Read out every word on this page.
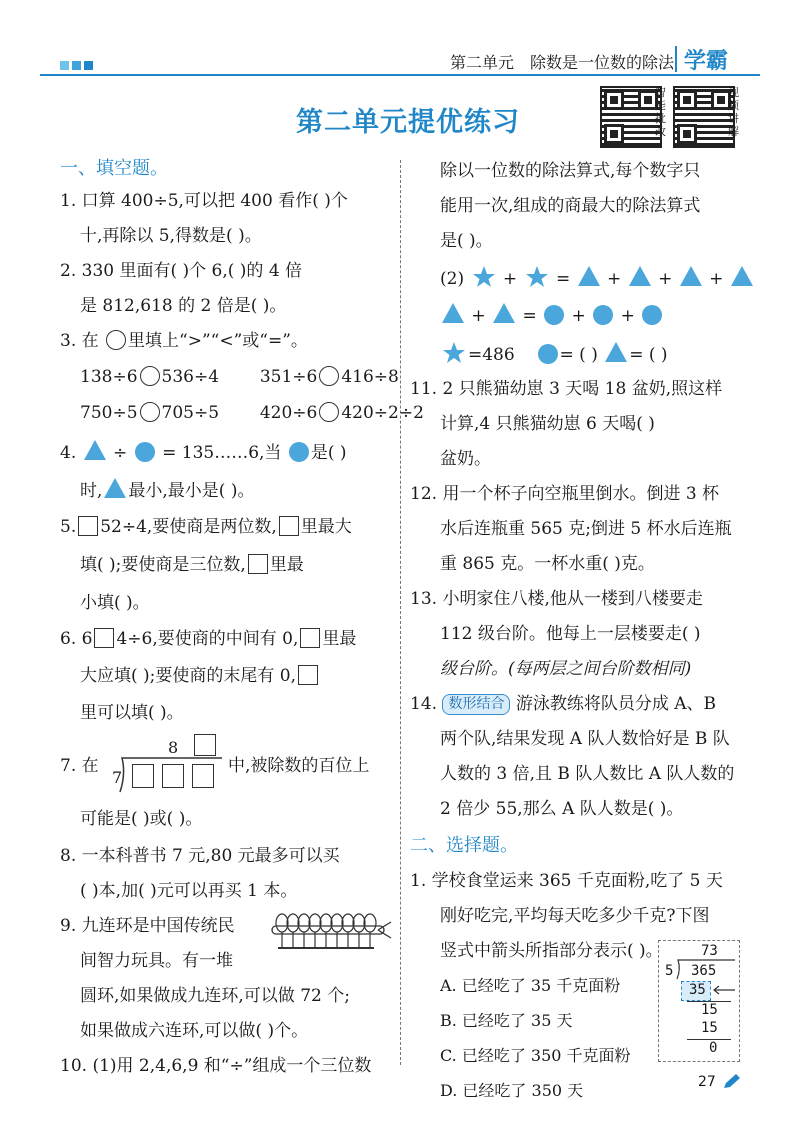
第二单元 除数是一位数的除法 学霸
智能批改
视频讲解
第二单元提优练习
一、填空题。
1. 口算 400÷5,可以把 400 看作( )个
十,再除以 5,得数是( )。
2. 330 里面有( )个 6,( )的 4 倍
是 812,618 的 2 倍是( )。
3. 在 里填上“>”“<”或“=”。
138÷6 536÷4 351÷6 416÷8
750÷5 705÷5 420÷6 420÷2÷2
4.  ÷  = 135……6,当 是( )
时, 最小,最小是( )。
5. 52÷4,要使商是两位数, 里最大
填( );要使商是三位数, 里最
小填( )。
6. 6 4÷6,要使商的中间有 0, 里最
大应填( );要使商的末尾有 0,
里可以填( )。
7. 在
8
7
中,被除数的百位上
可能是( )或( )。
8. 一本科普书 7 元,80 元最多可以买
( )本,加( )元可以再买 1 本。
9. 九连环是中国传统民
间智力玩具。有一堆
圆环,如果做成九连环,可以做 72 个;
如果做成六连环,可以做( )个。
10. (1)用 2,4,6,9 和“÷”组成一个三位数
除以一位数的除法算式,每个数字只
能用一次,组成的商最大的除法算式
是( )。
(2) + = + + +
+ = + +
=486	= ( ) = ( )
11. 2 只熊猫幼崽 3 天喝 18 盆奶,照这样
计算,4 只熊猫幼崽 6 天喝( )
盆奶。
12. 用一个杯子向空瓶里倒水。倒进 3 杯
水后连瓶重 565 克;倒进 5 杯水后连瓶
重 865 克。一杯水重( )克。
13. 小明家住八楼,他从一楼到八楼要走
112 级台阶。他每上一层楼要走( )
级台阶。(每两层之间台阶数相同)
14. 数形结合 游泳教练将队员分成 A、B
两个队,结果发现 A 队人数恰好是 B 队
人数的 3 倍,且 B 队人数比 A 队人数的
2 倍少 55,那么 A 队人数是( )。
二、选择题。
1. 学校食堂运来 365 千克面粉,吃了 5 天
刚好吃完,平均每天吃多少千克?下图
竖式中箭头所指部分表示( )。
A. 已经吃了 35 千克面粉
B. 已经吃了 35 天
C. 已经吃了 350 千克面粉
D. 已经吃了 350 天
73
5 365
35
15
15
0
27
